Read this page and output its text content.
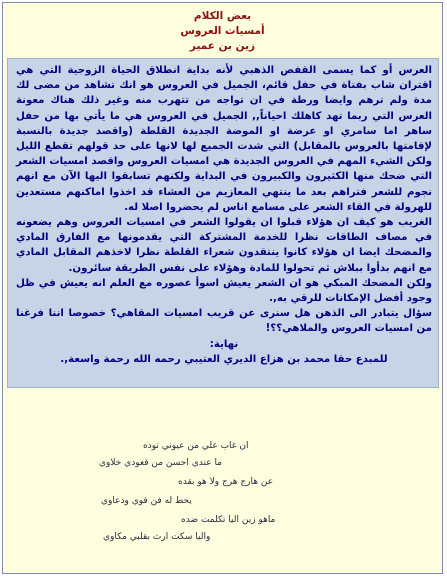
بعض الكلام
أمسيات العروس
زين بن عمير

العرس أو كما يسمى القفص الذهبي لأنه بداية انطلاق الحياة الزوجية التي هي اقتران شاب بفتاة في حفل قائم، الجميل في العروس هو انك تشاهد من مضى لك مدة ولم ترهم وايضا ورطة في ان تواجه من تتهرب منه وغير ذلك هناك معونة العرس التي ربما تهد كاهلك احياناً,, الجميل في العروس هي ما يأتي بها من حفل ساهر اما سامري او عرضة او الموضة الجديدة القلطة (واقصد جديدة بالنسبة لإقامتها بالعروس بالمقابل) التي شدت الجميع لها لانها على حد قولهم تقطع الليل ولكن الشيء المهم في العروس الجديدة هي امسيات العروس واقصد امسيات الشعر التي ضحك منها الكثيرون والكبيرون في البداية ولكنهم تسابقوا اليها الآن مع انهم نجوم للشعر فتراهم بعد ما ينتهي المعازيم من العشاء قد اخذوا اماكنهم مستعدين للهرولة في القاء الشعر على مسامع اناس لم يحضروا اصلا له.

الغريب هو كيف ان هؤلاء قبلوا ان يقولوا الشعر في امسيات العروس وهم يضعونه في مصاف الطاقات نظرا للخدمة المشتركة التي يقدمونها مع الفارق المادي والمضحك ايضا ان هؤلاء كانوا ينتقدون شعراء القلطة نظرا لاخذهم المقابل المادي مع انهم بدأوا ببلاش ثم تحولوا للمادة وهؤلاء على نفس الطريقة سائرون.

ولكن المضحك المبكي هو ان الشعر يعيش اسوأ عصوره مع العلم انه يعيش في ظل وجود أفضل الإمكانات للرقي به,.

سؤال يتبادر الى الذهن هل سنرى عن قريب امسيات المقاهي؟ خصوصا اننا فرغنا من امسيات العروس والملاهي؟؟!

نهاية:

للمبدع حقا محمد بن هزاع الديري العتيبي رحمه الله رحمة واسعة,.

ان غاب علي من عيوني توده
ما عندي احسن من قعودي خلاوي
عن هارج هرج ولا هو بقده
يحط له فن قوي ودعاوي
ماهو زين اليا تكلمت ضده
واليا سكت ارث بقلبي مكاوي
